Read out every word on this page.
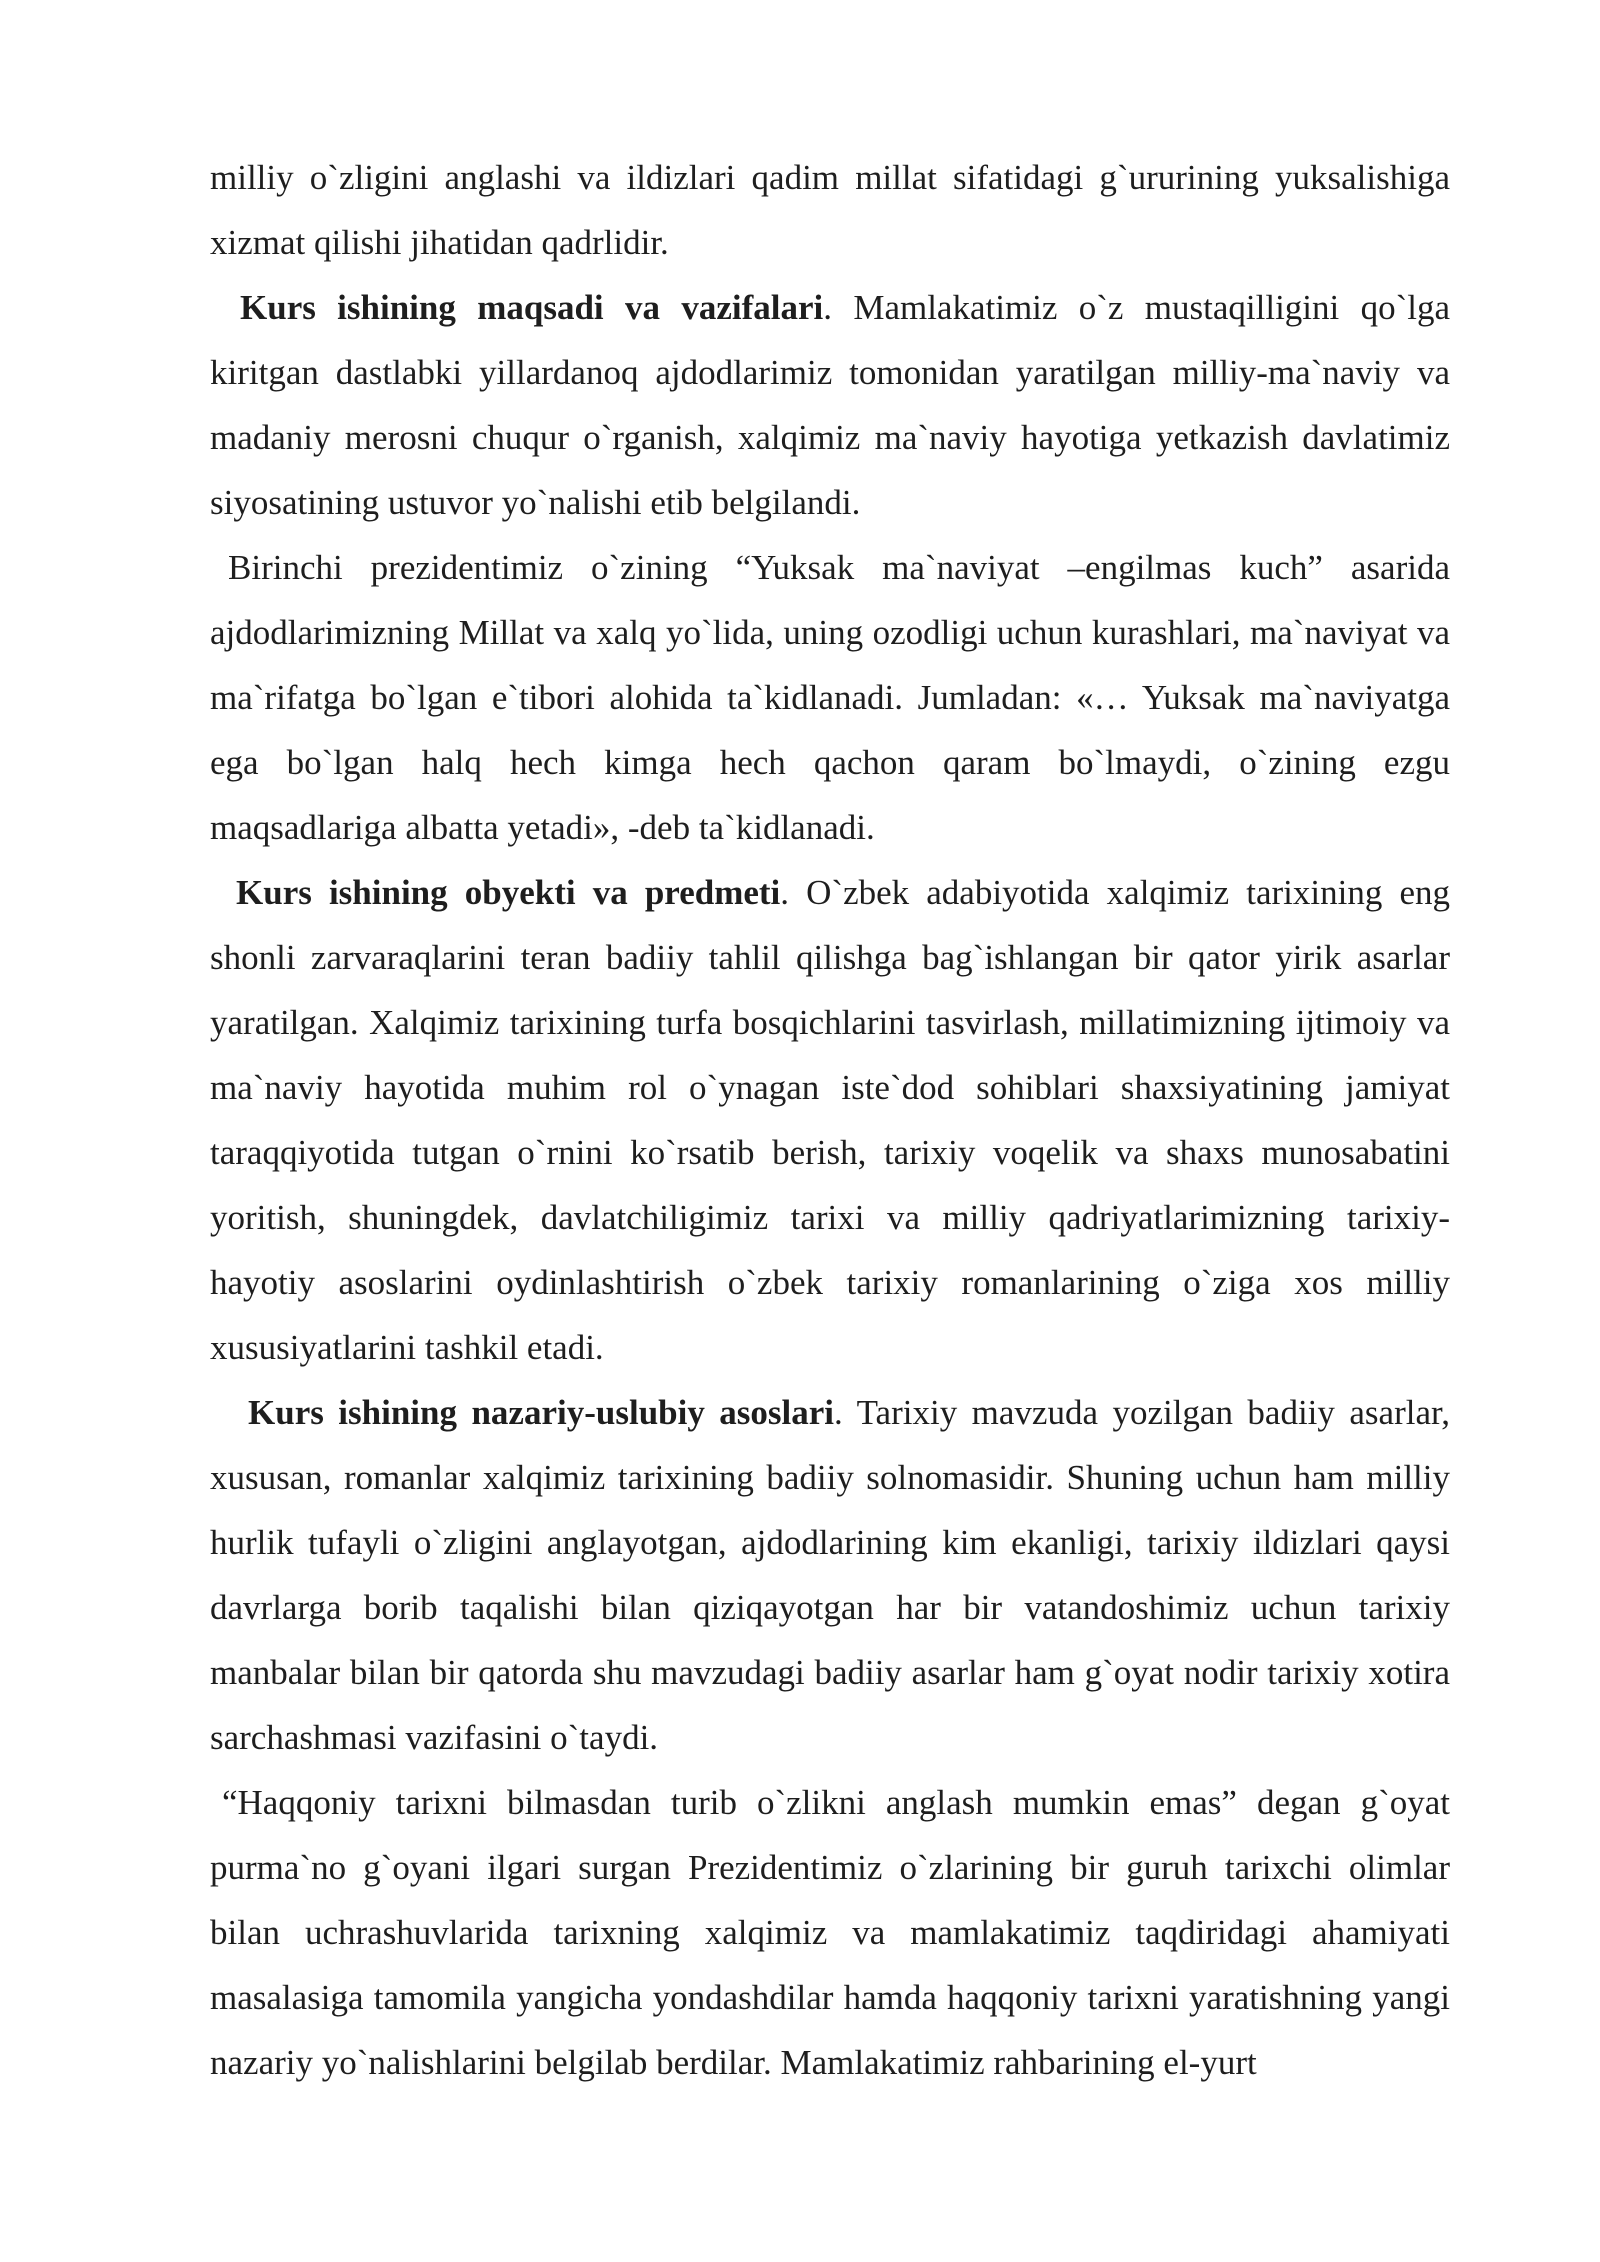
milliy o`zligini anglashi va ildizlari qadim millat sifatidagi g`ururining yuksalishiga xizmat qilishi jihatidan qadrlidir.

Kurs ishining maqsadi va vazifalari. Mamlakatimiz o`z mustaqilligini qo`lga kiritgan dastlabki yillardanoq ajdodlarimiz tomonidan yaratilgan milliy-ma`naviy va madaniy merosni chuqur o`rganish, xalqimiz ma`naviy hayotiga yetkazish davlatimiz siyosatining ustuvor yo`nalishi etib belgilandi.

Birinchi prezidentimiz o`zining “Yuksak ma`naviyat –engilmas kuch” asarida ajdodlarimizning Millat va xalq yo`lida, uning ozodligi uchun kurashlari, ma`naviyat va ma`rifatga bo`lgan e`tibori alohida ta`kidlanadi. Jumladan: «… Yuksak ma`naviyatga ega bo`lgan halq hech kimga hech qachon qaram bo`lmaydi, o`zining ezgu maqsadlariga albatta yetadi», -deb ta`kidlanadi.

Kurs ishining obyekti va predmeti. O`zbek adabiyotida xalqimiz tarixining eng shonli zarvaraqlarini teran badiiy tahlil qilishga bag`ishlangan bir qator yirik asarlar yaratilgan. Xalqimiz tarixining turfa bosqichlarini tasvirlash, millatimizning ijtimoiy va ma`naviy hayotida muhim rol o`ynagan iste`dod sohiblari shaxsiyatining jamiyat taraqqiyotida tutgan o`rnini ko`rsatib berish, tarixiy voqelik va shaxs munosabatini yoritish, shuningdek, davlatchiligimiz tarixi va milliy qadriyatlarimizning tarixiy- hayotiy asoslarini oydinlashtirish o`zbek tarixiy romanlarining o`ziga xos milliy xususiyatlarini tashkil etadi.

Kurs ishining nazariy-uslubiy asoslari. Tarixiy mavzuda yozilgan badiiy asarlar, xususan, romanlar xalqimiz tarixining badiiy solnomasidir. Shuning uchun ham milliy hurlik tufayli o`zligini anglayotgan, ajdodlarining kim ekanligi, tarixiy ildizlari qaysi davrlarga borib taqalishi bilan qiziqayotgan har bir vatandoshimiz uchun tarixiy manbalar bilan bir qatorda shu mavzudagi badiiy asarlar ham g`oyat nodir tarixiy xotira sarchashmasi vazifasini o`taydi.

“Haqqoniy tarixni bilmasdan turib o`zlikni anglash mumkin emas” degan g`oyat purma`no g`oyani ilgari surgan Prezidentimiz o`zlarining bir guruh tarixchi olimlar bilan uchrashuvlarida tarixning xalqimiz va mamlakatimiz taqdiridagi ahamiyati masalasiga tamomila yangicha yondashdilar hamda haqqoniy tarixni yaratishning yangi nazariy yo`nalishlarini belgilab berdilar. Mamlakatimiz rahbarining el-yurt
